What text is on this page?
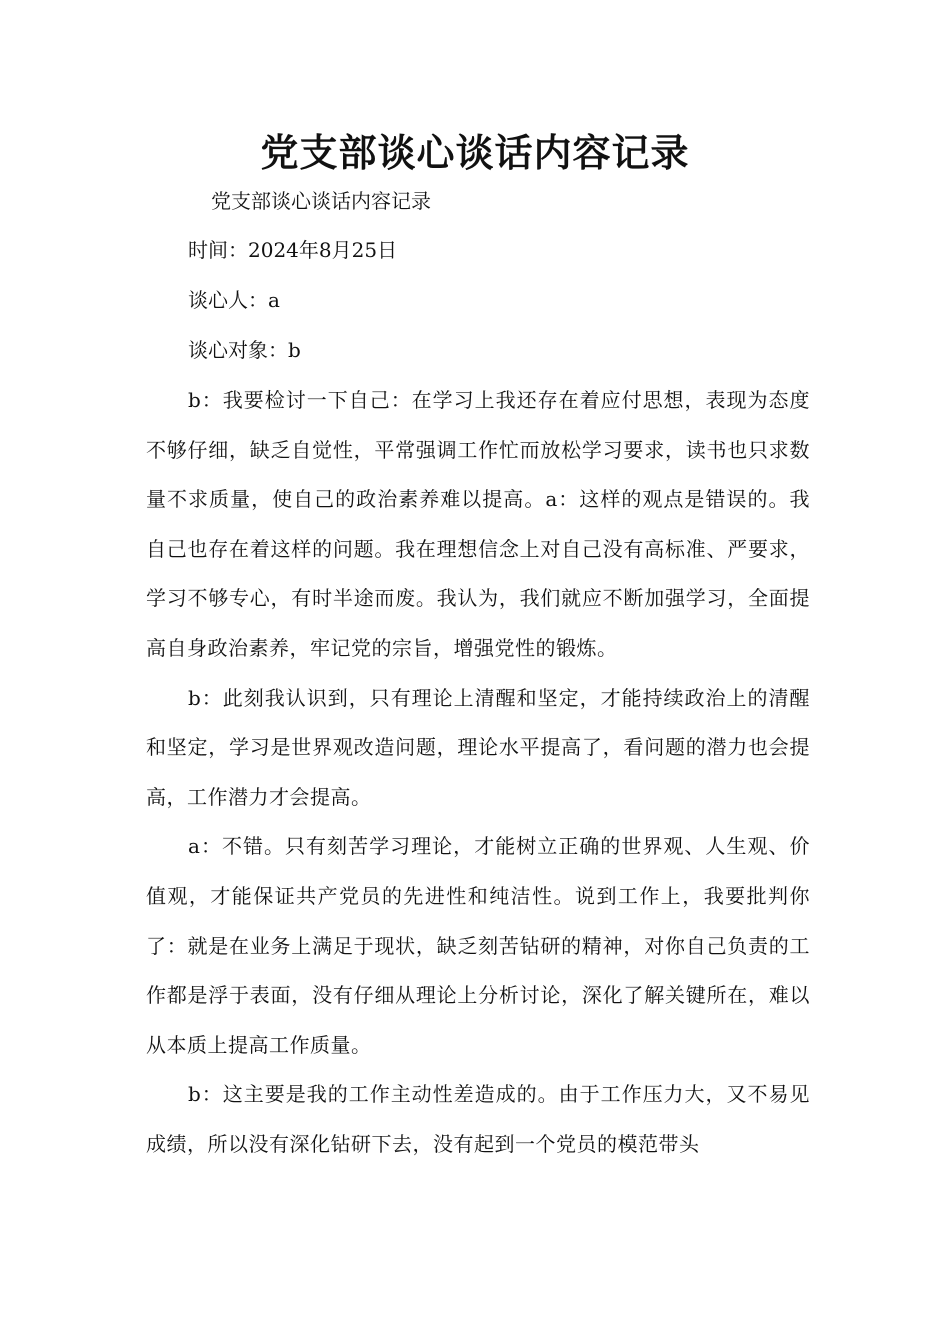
党支部谈心谈话内容记录

党支部谈心谈话内容记录

时间：2024年8月25日

谈心人：a

谈心对象：b

b：我要检讨一下自己：在学习上我还存在着应付思想，表现为态度不够仔细，缺乏自觉性，平常强调工作忙而放松学习要求，读书也只求数量不求质量，使自己的政治素养难以提高。a：这样的观点是错误的。我自己也存在着这样的问题。我在理想信念上对自己没有高标准、严要求，学习不够专心，有时半途而废。我认为，我们就应不断加强学习，全面提高自身政治素养，牢记党的宗旨，增强党性的锻炼。

b：此刻我认识到，只有理论上清醒和坚定，才能持续政治上的清醒和坚定，学习是世界观改造问题，理论水平提高了，看问题的潜力也会提高，工作潜力才会提高。

a：不错。只有刻苦学习理论，才能树立正确的世界观、人生观、价值观，才能保证共产党员的先进性和纯洁性。说到工作上，我要批判你了：就是在业务上满足于现状，缺乏刻苦钻研的精神，对你自己负责的工作都是浮于表面，没有仔细从理论上分析讨论，深化了解关键所在，难以从本质上提高工作质量。

b：这主要是我的工作主动性差造成的。由于工作压力大，又不易见成绩，所以没有深化钻研下去，没有起到一个党员的模范带头
